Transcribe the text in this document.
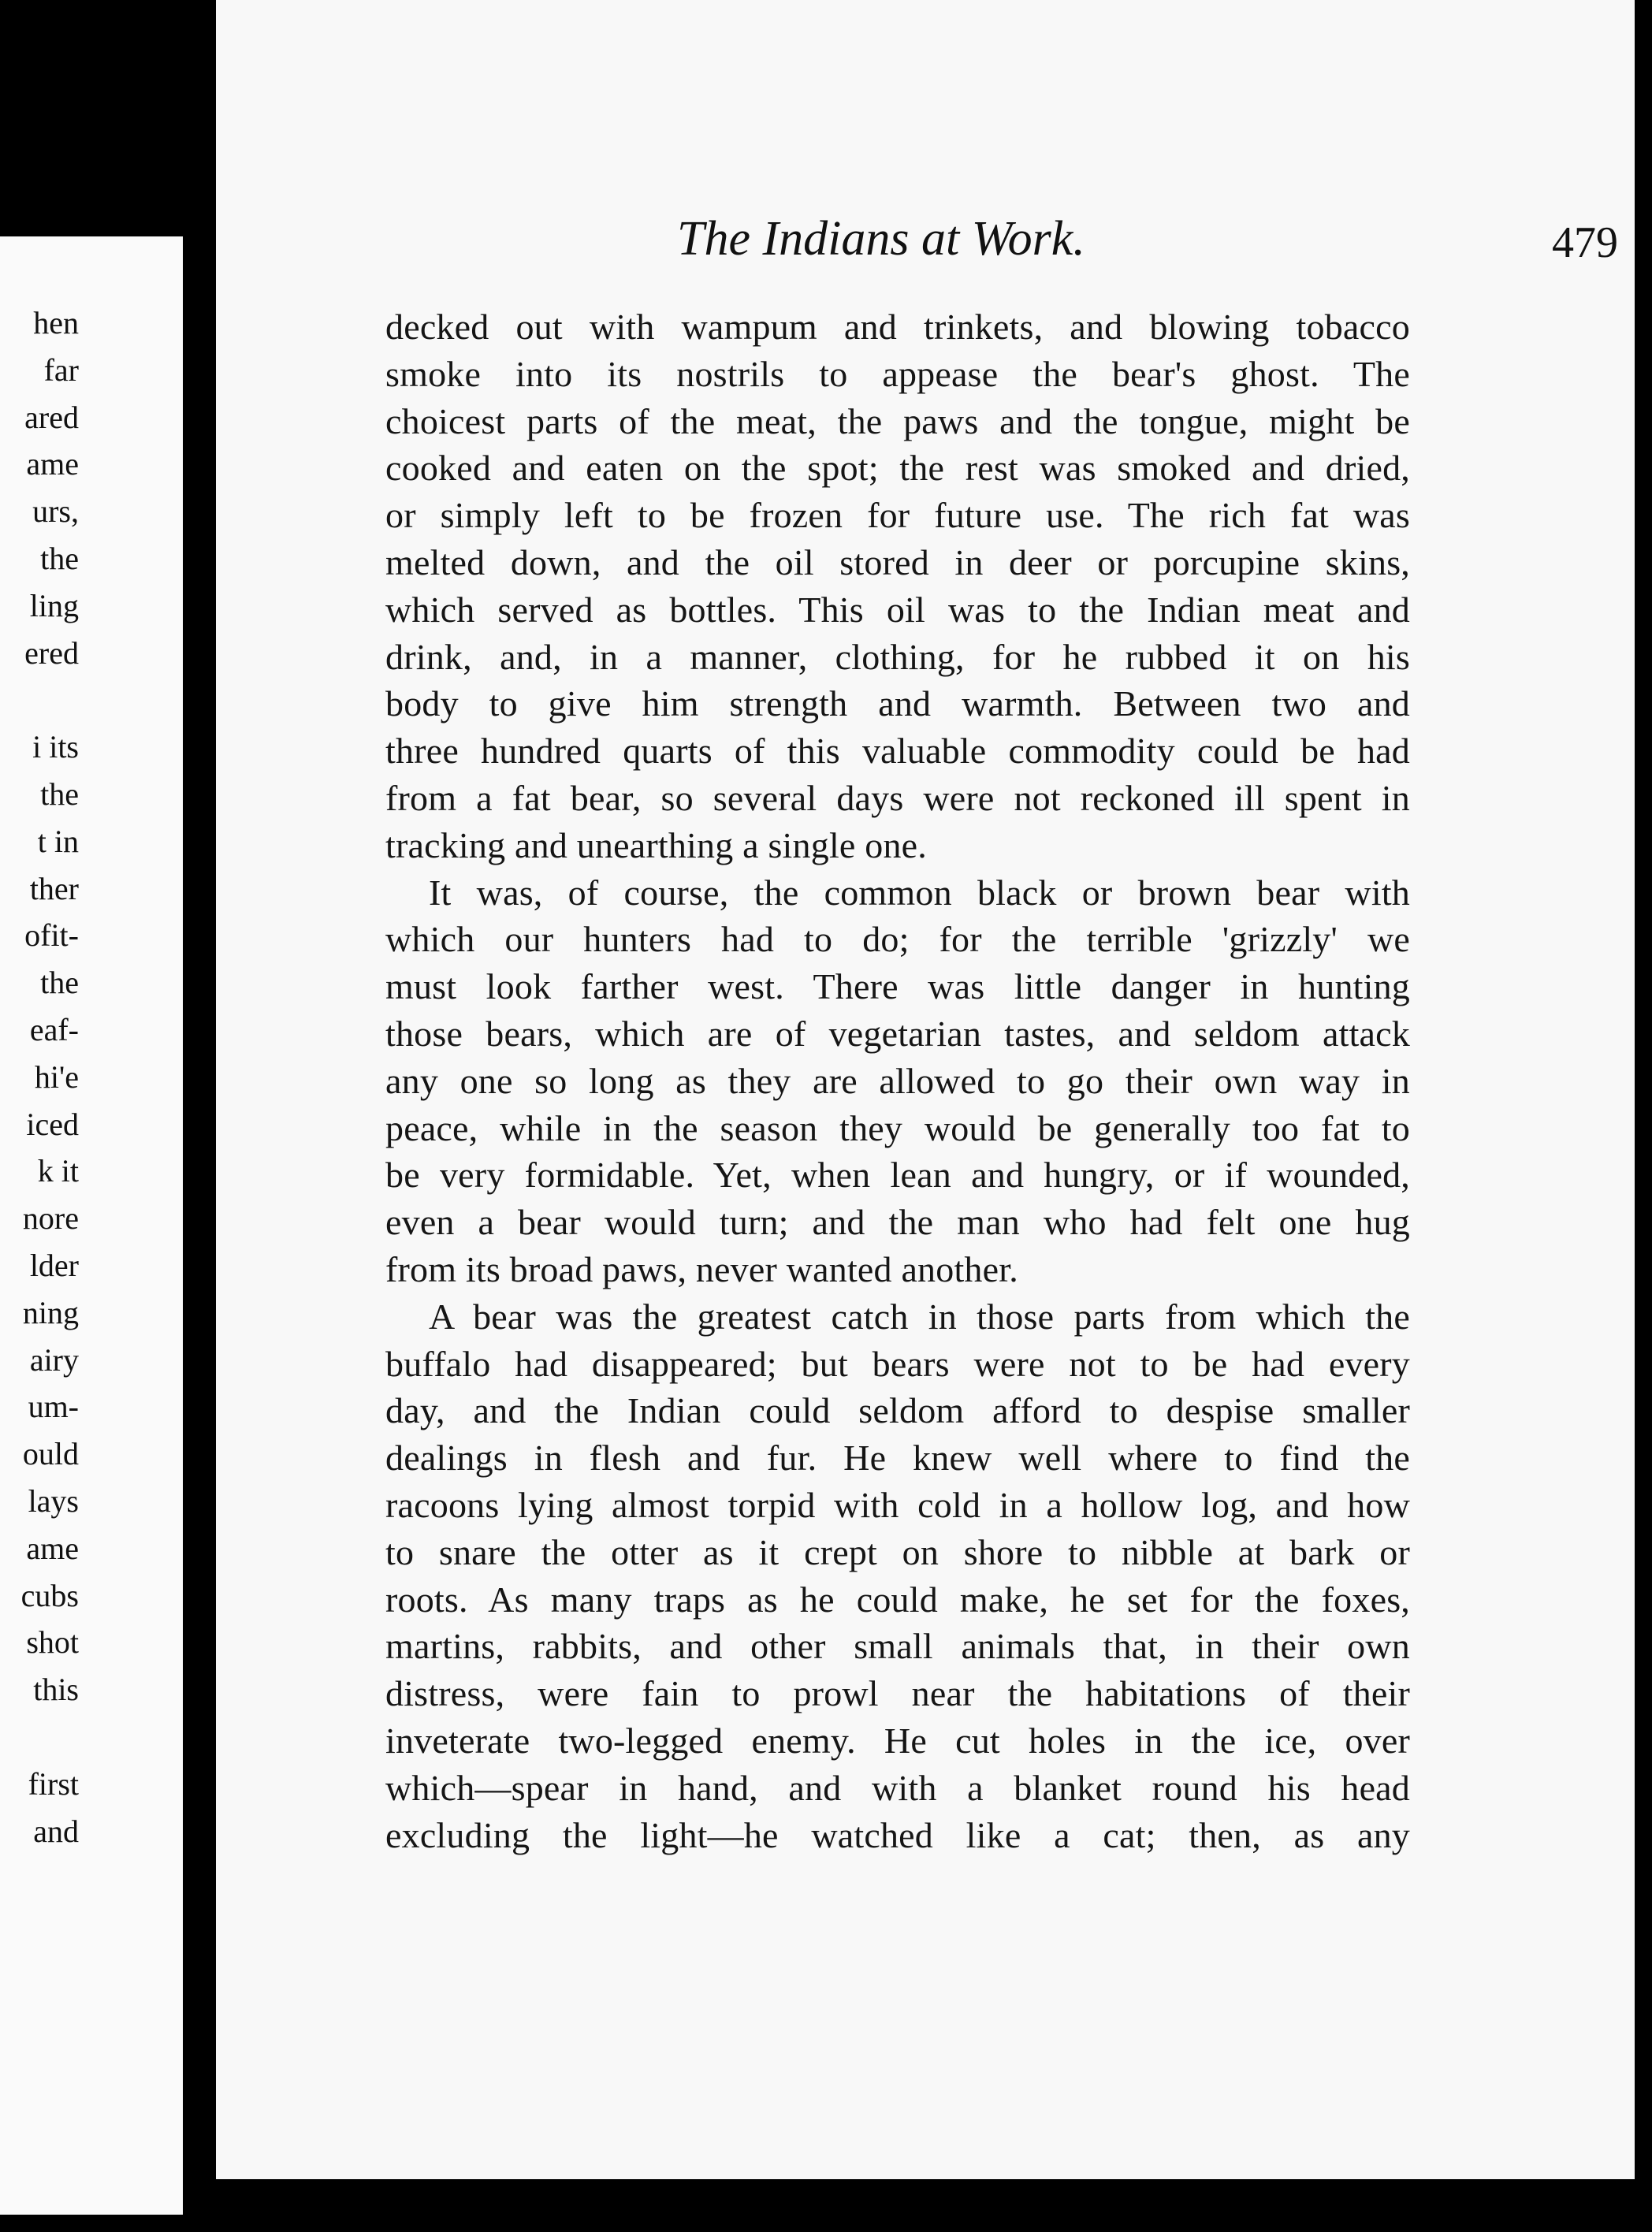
hen
far
ared
ame
urs,
the
ling
ered
i its
the
t in
ther
ofit-
the
eaf-
hi'e
iced
k it
nore
lder
ning
airy
um-
ould
lays
ame
cubs
shot
this
first
and
The Indians at Work.	479
decked out with wampum and trinkets, and blowing tobacco
smoke into its nostrils to appease the bear's ghost. The
choicest parts of the meat, the paws and the tongue, might be
cooked and eaten on the spot; the rest was smoked and dried,
or simply left to be frozen for future use. The rich fat was
melted down, and the oil stored in deer or porcupine skins,
which served as bottles. This oil was to the Indian meat and
drink, and, in a manner, clothing, for he rubbed it on his
body to give him strength and warmth. Between two and
three hundred quarts of this valuable commodity could be had
from a fat bear, so several days were not reckoned ill spent in
tracking and unearthing a single one.
It was, of course, the common black or brown bear with
which our hunters had to do; for the terrible 'grizzly' we
must look farther west. There was little danger in hunting
those bears, which are of vegetarian tastes, and seldom attack
any one so long as they are allowed to go their own way in
peace, while in the season they would be generally too fat to
be very formidable. Yet, when lean and hungry, or if wounded,
even a bear would turn; and the man who had felt one hug
from its broad paws, never wanted another.
A bear was the greatest catch in those parts from which the
buffalo had disappeared; but bears were not to be had every
day, and the Indian could seldom afford to despise smaller
dealings in flesh and fur. He knew well where to find the
racoons lying almost torpid with cold in a hollow log, and how
to snare the otter as it crept on shore to nibble at bark or
roots. As many traps as he could make, he set for the foxes,
martins, rabbits, and other small animals that, in their own
distress, were fain to prowl near the habitations of their
inveterate two-legged enemy. He cut holes in the ice, over
which—spear in hand, and with a blanket round his head
excluding the light—he watched like a cat; then, as any
